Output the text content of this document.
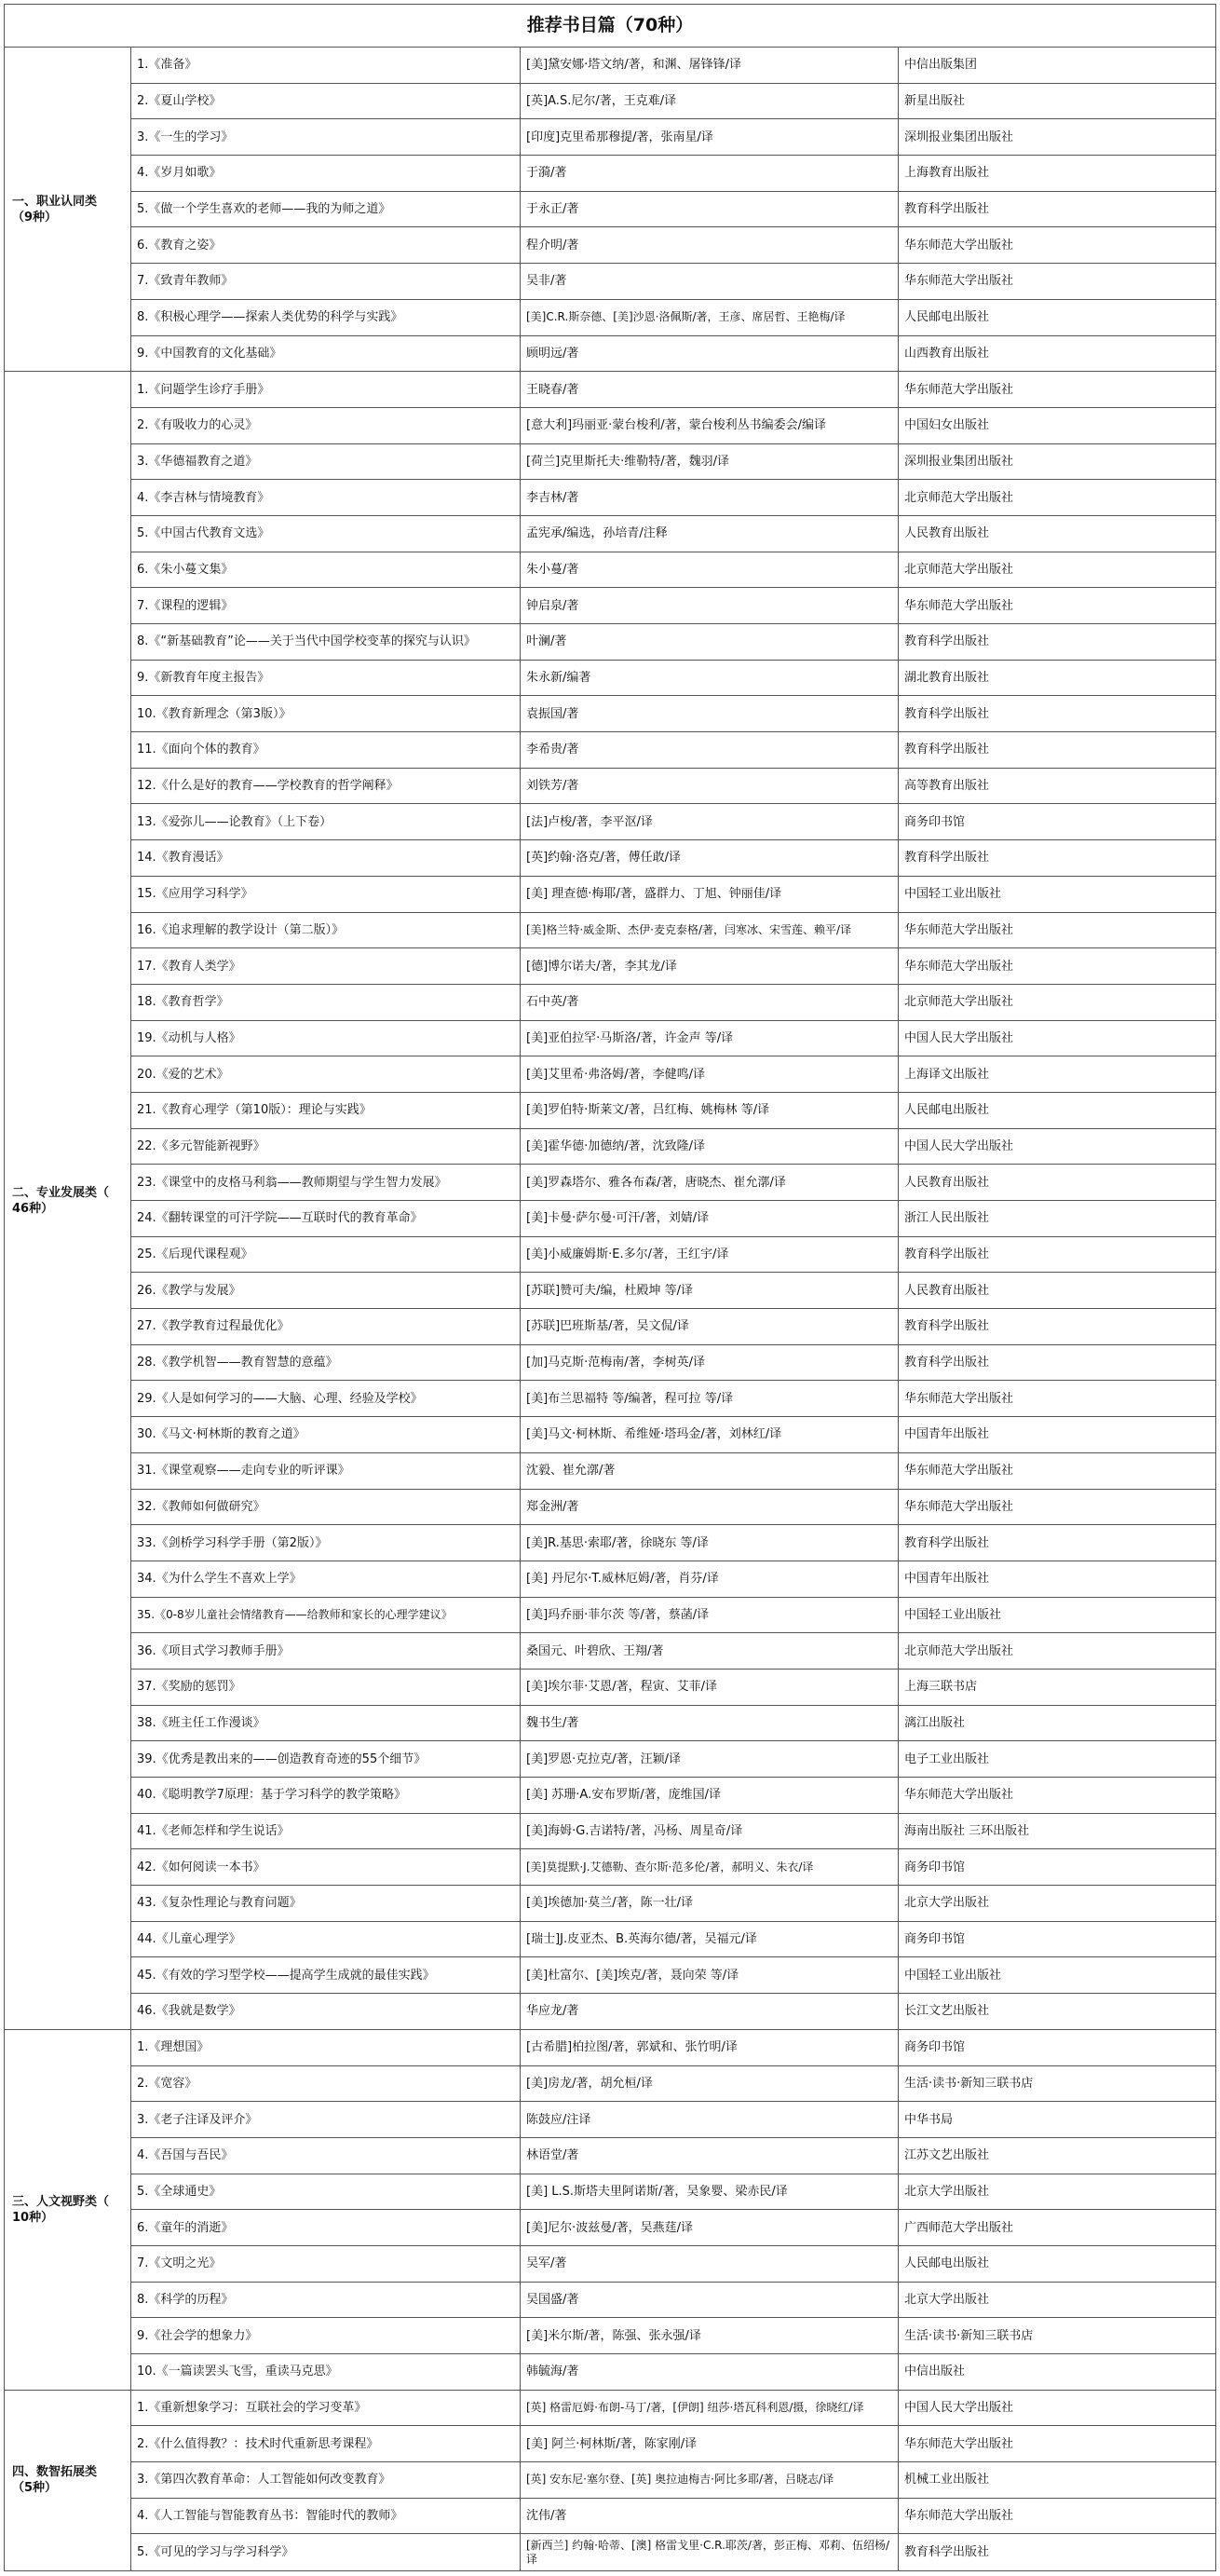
推荐书目篇（70种）			

一、职业认同类
（9种）	1.《准备》	[美]黛安娜·塔文纳/著，和渊、屠锋锋/译	中信出版集团
	2.《夏山学校》	[英]A.S.尼尔/著，王克难/译	新星出版社
	3.《一生的学习》	[印度]克里希那穆提/著，张南星/译	深圳报业集团出版社
	4.《岁月如歌》	于漪/著	上海教育出版社
	5.《做一个学生喜欢的老师——我的为师之道》	于永正/著	教育科学出版社
	6.《教育之姿》	程介明/著	华东师范大学出版社
	7.《致青年教师》	吴非/著	华东师范大学出版社
	8.《积极心理学——探索人类优势的科学与实践》	[美]C.R.斯奈德、[美]沙恩·洛佩斯/著，王彦、席居哲、王艳梅/译	人民邮电出版社
	9.《中国教育的文化基础》	顾明远/著	山西教育出版社

二、专业发展类（
46种）	1.《问题学生诊疗手册》	王晓春/著	华东师范大学出版社
	2.《有吸收力的心灵》	[意大利]玛丽亚·蒙台梭利/著，蒙台梭利丛书编委会/编译	中国妇女出版社
	3.《华德福教育之道》	[荷兰]克里斯托夫·维勒特/著，魏羽/译	深圳报业集团出版社
	4.《李吉林与情境教育》	李吉林/著	北京师范大学出版社
	5.《中国古代教育文选》	孟宪承/编选，孙培青/注释	人民教育出版社
	6.《朱小蔓文集》	朱小蔓/著	北京师范大学出版社
	7.《课程的逻辑》	钟启泉/著	华东师范大学出版社
	8.《“新基础教育”论——关于当代中国学校变革的探究与认识》	叶澜/著	教育科学出版社
	9.《新教育年度主报告》	朱永新/编著	湖北教育出版社
	10.《教育新理念（第3版）》	袁振国/著	教育科学出版社
	11.《面向个体的教育》	李希贵/著	教育科学出版社
	12.《什么是好的教育——学校教育的哲学阐释》	刘铁芳/著	高等教育出版社
	13.《爱弥儿——论教育》（上下卷）	[法]卢梭/著，李平沤/译	商务印书馆
	14.《教育漫话》	[英]约翰·洛克/著，傅任敢/译	教育科学出版社
	15.《应用学习科学》	[美] 理查德·梅耶/著，盛群力、丁旭、钟丽佳/译	中国轻工业出版社
	16.《追求理解的教学设计（第二版）》	[美]格兰特·威金斯、杰伊·麦克泰格/著，闫寒冰、宋雪莲、赖平/译	华东师范大学出版社
	17.《教育人类学》	[德]博尔诺夫/著，李其龙/译	华东师范大学出版社
	18.《教育哲学》	石中英/著	北京师范大学出版社
	19.《动机与人格》	[美]亚伯拉罕·马斯洛/著，许金声 等/译	中国人民大学出版社
	20.《爱的艺术》	[美]艾里希·弗洛姆/著，李健鸣/译	上海译文出版社
	21.《教育心理学（第10版）：理论与实践》	[美]罗伯特·斯莱文/著，吕红梅、姚梅林 等/译	人民邮电出版社
	22.《多元智能新视野》	[美]霍华德·加德纳/著，沈致隆/译	中国人民大学出版社
	23.《课堂中的皮格马利翁——教师期望与学生智力发展》	[美]罗森塔尔、雅各布森/著，唐晓杰、崔允漷/译	人民教育出版社
	24.《翻转课堂的可汗学院——互联时代的教育革命》	[美]卡曼·萨尔曼·可汗/著，刘婧/译	浙江人民出版社
	25.《后现代课程观》	[美]小威廉姆斯·E.多尔/著，王红宇/译	教育科学出版社
	26.《教学与发展》	[苏联]赞可夫/编，杜殿坤 等/译	人民教育出版社
	27.《教学教育过程最优化》	[苏联]巴班斯基/著，吴文侃/译	教育科学出版社
	28.《教学机智——教育智慧的意蕴》	[加]马克斯·范梅南/著，李树英/译	教育科学出版社
	29.《人是如何学习的——大脑、心理、经验及学校》	[美]布兰思福特 等/编著，程可拉 等/译	华东师范大学出版社
	30.《马文·柯林斯的教育之道》	[美]马文·柯林斯、希维娅·塔玛金/著，刘林红/译	中国青年出版社
	31.《课堂观察——走向专业的听评课》	沈毅、崔允漷/著	华东师范大学出版社
	32.《教师如何做研究》	郑金洲/著	华东师范大学出版社
	33.《剑桥学习科学手册（第2版）》	[美]R.基思·索耶/著，徐晓东 等/译	教育科学出版社
	34.《为什么学生不喜欢上学》	[美] 丹尼尔·T.威林厄姆/著，肖芬/译	中国青年出版社
	35.《0-8岁儿童社会情绪教育——给教师和家长的心理学建议》	[美]玛乔丽·菲尔茨 等/著，蔡菡/译	中国轻工业出版社
	36.《项目式学习教师手册》	桑国元、叶碧欣、王翔/著	北京师范大学出版社
	37.《奖励的惩罚》	[美]埃尔菲·艾恩/著，程寅、艾菲/译	上海三联书店
	38.《班主任工作漫谈》	魏书生/著	漓江出版社
	39.《优秀是教出来的——创造教育奇迹的55个细节》	[美]罗恩·克拉克/著，汪颖/译	电子工业出版社
	40.《聪明教学7原理：基于学习科学的教学策略》	[美] 苏珊·A.安布罗斯/著，庞维国/译	华东师范大学出版社
	41.《老师怎样和学生说话》	[美]海姆·G.吉诺特/著，冯杨、周星奇/译	海南出版社 三环出版社
	42.《如何阅读一本书》	[美]莫提默·J.艾德勒、查尔斯·范多伦/著，郝明义、朱衣/译	商务印书馆
	43.《复杂性理论与教育问题》	[美]埃德加·莫兰/著，陈一壮/译	北京大学出版社
	44.《儿童心理学》	[瑞士]J.皮亚杰、B.英海尔德/著，吴福元/译	商务印书馆
	45.《有效的学习型学校——提高学生成就的最佳实践》	[美]杜富尔、[美]埃克/著，聂向荣 等/译	中国轻工业出版社
	46.《我就是数学》	华应龙/著	长江文艺出版社

三、人文视野类（
10种）	1.《理想国》	[古希腊]柏拉图/著，郭斌和、张竹明/译	商务印书馆
	2.《宽容》	[美]房龙/著，胡允桓/译	生活·读书·新知三联书店
	3.《老子注译及评介》	陈鼓应/注译	中华书局
	4.《吾国与吾民》	林语堂/著	江苏文艺出版社
	5.《全球通史》	[美] L.S.斯塔夫里阿诺斯/著，吴象婴、梁赤民/译	北京大学出版社
	6.《童年的消逝》	[美]尼尔·波兹曼/著，吴燕莛/译	广西师范大学出版社
	7.《文明之光》	吴军/著	人民邮电出版社
	8.《科学的历程》	吴国盛/著	北京大学出版社
	9.《社会学的想象力》	[美]米尔斯/著，陈强、张永强/译	生活·读书·新知三联书店
	10.《一篇读罢头飞雪，重读马克思》	韩毓海/著	中信出版社

四、数智拓展类
（5种）	1.《重新想象学习：互联社会的学习变革》	[英] 格雷厄姆·布朗-马丁/著，[伊朗] 纽莎·塔瓦科利恩/摄，徐晓红/译	中国人民大学出版社
	2.《什么值得教？：技术时代重新思考课程》	[美] 阿兰·柯林斯/著，陈家刚/译	华东师范大学出版社
	3.《第四次教育革命：人工智能如何改变教育》	[英] 安东尼·塞尔登、[英] 奥拉迪梅吉·阿比多耶/著，吕晓志/译	机械工业出版社
	4.《人工智能与智能教育丛书：智能时代的教师》	沈伟/著	华东师范大学出版社
	5.《可见的学习与学习科学》	[新西兰] 约翰·哈蒂、[澳] 格雷戈里·C.R.耶茨/著，彭正梅、邓莉、伍绍杨/译	教育科学出版社
